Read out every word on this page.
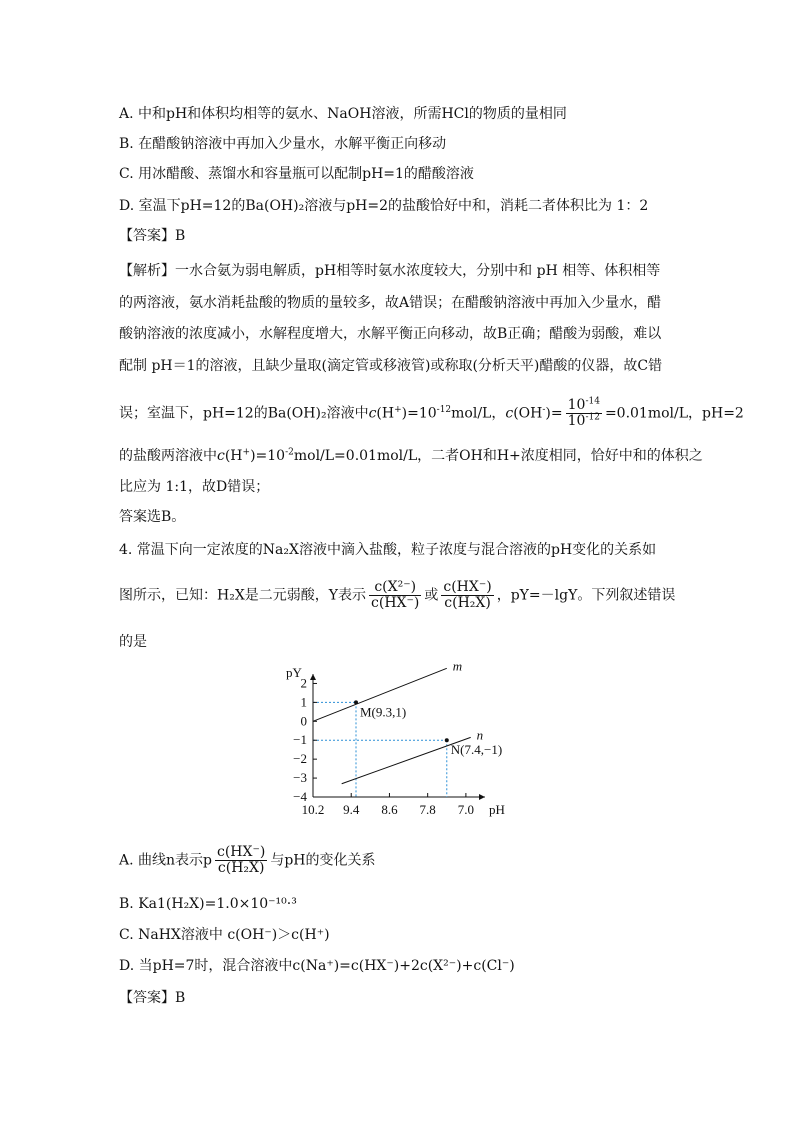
A. 中和pH和体积均相等的氨水、NaOH溶液，所需HCl的物质的量相同
B. 在醋酸钠溶液中再加入少量水，水解平衡正向移动
C. 用冰醋酸、蒸馏水和容量瓶可以配制pH=1的醋酸溶液
D. 室温下pH=12的Ba(OH)₂溶液与pH=2的盐酸恰好中和，消耗二者体积比为 1：2
【答案】B
【解析】一水合氨为弱电解质，pH相等时氨水浓度较大，分别中和 pH 相等、体积相等
的两溶液，氨水消耗盐酸的物质的量较多，故A错误；在醋酸钠溶液中再加入少量水，醋
酸钠溶液的浓度减小，水解程度增大，水解平衡正向移动，故B正确；醋酸为弱酸，难以
配制 pH＝1的溶液，且缺少量取(滴定管或移液管)或称取(分析天平)醋酸的仪器，故C错
误；室温下，pH=12的Ba(OH)₂溶液中$c(H^+)=10^{-12}mol/L$，$c(OH^-)= \frac{10^{-14}}{10^{-12}} =0.01mol/L$，pH=2
的盐酸两溶液中$c(H^+)=10^{-2}mol/L=0.01mol/L$，二者OH和H+浓度相同，恰好中和的体积之
比应为 1:1，故D错误；
答案选B。
4. 常温下向一定浓度的Na₂X溶液中滴入盐酸，粒子浓度与混合溶液的pH变化的关系如
图所示，已知：H₂X是二元弱酸，Y表示 $\frac{\text{c(X²⁻)}}{c(HX^-)}$ 或 $\frac{c(HX^-)}{\text{c(H₂X)}}$ ，pY=－lgY。下列叙述错误
的是
pY
pH
m
n
2
1
0
−1
−2
−3
−4
10.2 9.4 8.6 7.8 7.0
M(9.3,1)
N(7.4,−1)
A. 曲线n表示p $\frac{c(HX^-)}{\text{c(H₂X)}}$ 与pH的变化关系
B. Ka1(H₂X)=1.0×10⁻¹⁰·³
C. NaHX溶液中 c(OH⁻)＞c(H⁺)
D. 当pH=7时，混合溶液中c(Na⁺)=c(HX⁻)+2c(X²⁻)+c(Cl⁻)
【答案】B
